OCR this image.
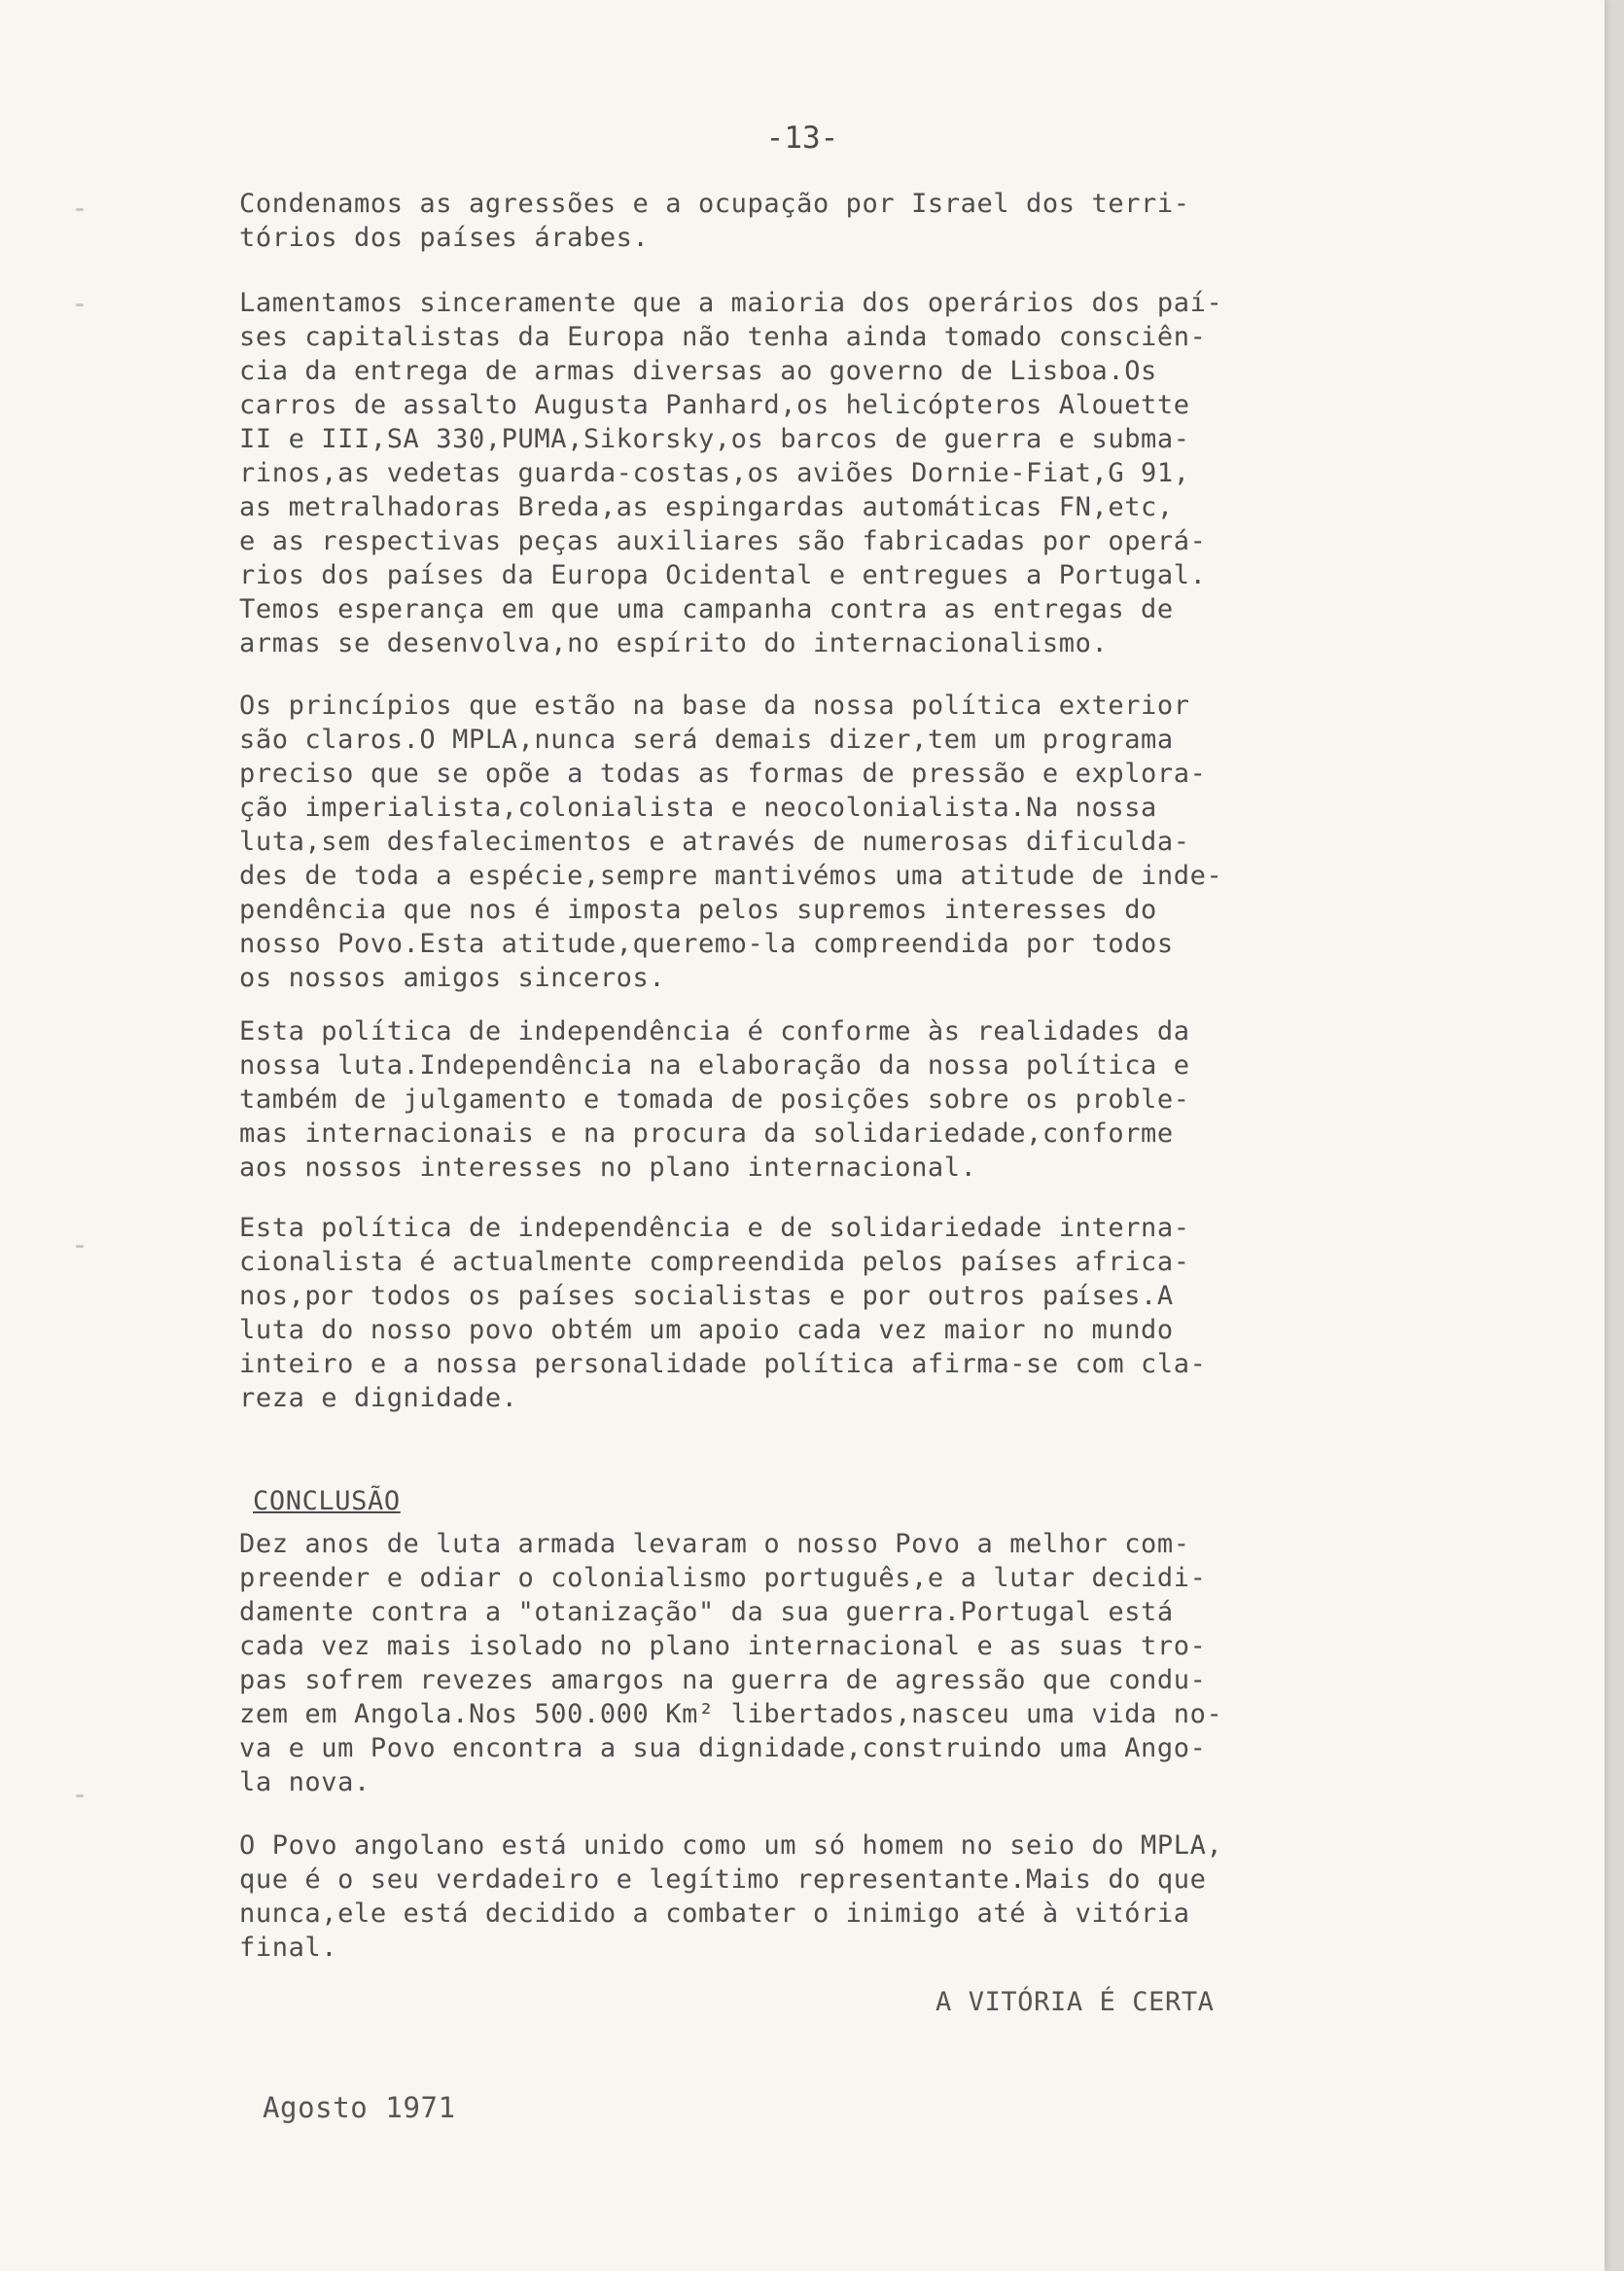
-13-
Condenamos as agressões e a ocupação por Israel dos terri-
tórios dos países árabes.
Lamentamos sinceramente que a maioria dos operários dos paí-
ses capitalistas da Europa não tenha ainda tomado consciên-
cia da entrega de armas diversas ao governo de Lisboa.Os
carros de assalto Augusta Panhard,os helicópteros Alouette
II e III,SA 330,PUMA,Sikorsky,os barcos de guerra e subma-
rinos,as vedetas guarda-costas,os aviões Dornie-Fiat,G 91,
as metralhadoras Breda,as espingardas automáticas FN,etc,
e as respectivas peças auxiliares são fabricadas por operá-
rios dos países da Europa Ocidental e entregues a Portugal.
Temos esperança em que uma campanha contra as entregas de
armas se desenvolva,no espírito do internacionalismo.
Os princípios que estão na base da nossa política exterior
são claros.O MPLA,nunca será demais dizer,tem um programa
preciso que se opõe a todas as formas de pressão e explora-
ção imperialista,colonialista e neocolonialista.Na nossa
luta,sem desfalecimentos e através de numerosas dificulda-
des de toda a espécie,sempre mantivémos uma atitude de inde-
pendência que nos é imposta pelos supremos interesses do
nosso Povo.Esta atitude,queremo-la compreendida por todos
os nossos amigos sinceros.
Esta política de independência é conforme às realidades da
nossa luta.Independência na elaboração da nossa política e
também de julgamento e tomada de posições sobre os proble-
mas internacionais e na procura da solidariedade,conforme
aos nossos interesses no plano internacional.
Esta política de independência e de solidariedade interna-
cionalista é actualmente compreendida pelos países africa-
nos,por todos os países socialistas e por outros países.A
luta do nosso povo obtém um apoio cada vez maior no mundo
inteiro e a nossa personalidade política afirma-se com cla-
reza e dignidade.
CONCLUSÃO
Dez anos de luta armada levaram o nosso Povo a melhor com-
preender e odiar o colonialismo português,e a lutar decidi-
damente contra a "otanização" da sua guerra.Portugal está
cada vez mais isolado no plano internacional e as suas tro-
pas sofrem revezes amargos na guerra de agressão que condu-
zem em Angola.Nos 500.000 Km² libertados,nasceu uma vida no-
va e um Povo encontra a sua dignidade,construindo uma Ango-
la nova.
O Povo angolano está unido como um só homem no seio do MPLA,
que é o seu verdadeiro e legítimo representante.Mais do que
nunca,ele está decidido a combater o inimigo até à vitória
final.
A VITÓRIA É CERTA
Agosto 1971
